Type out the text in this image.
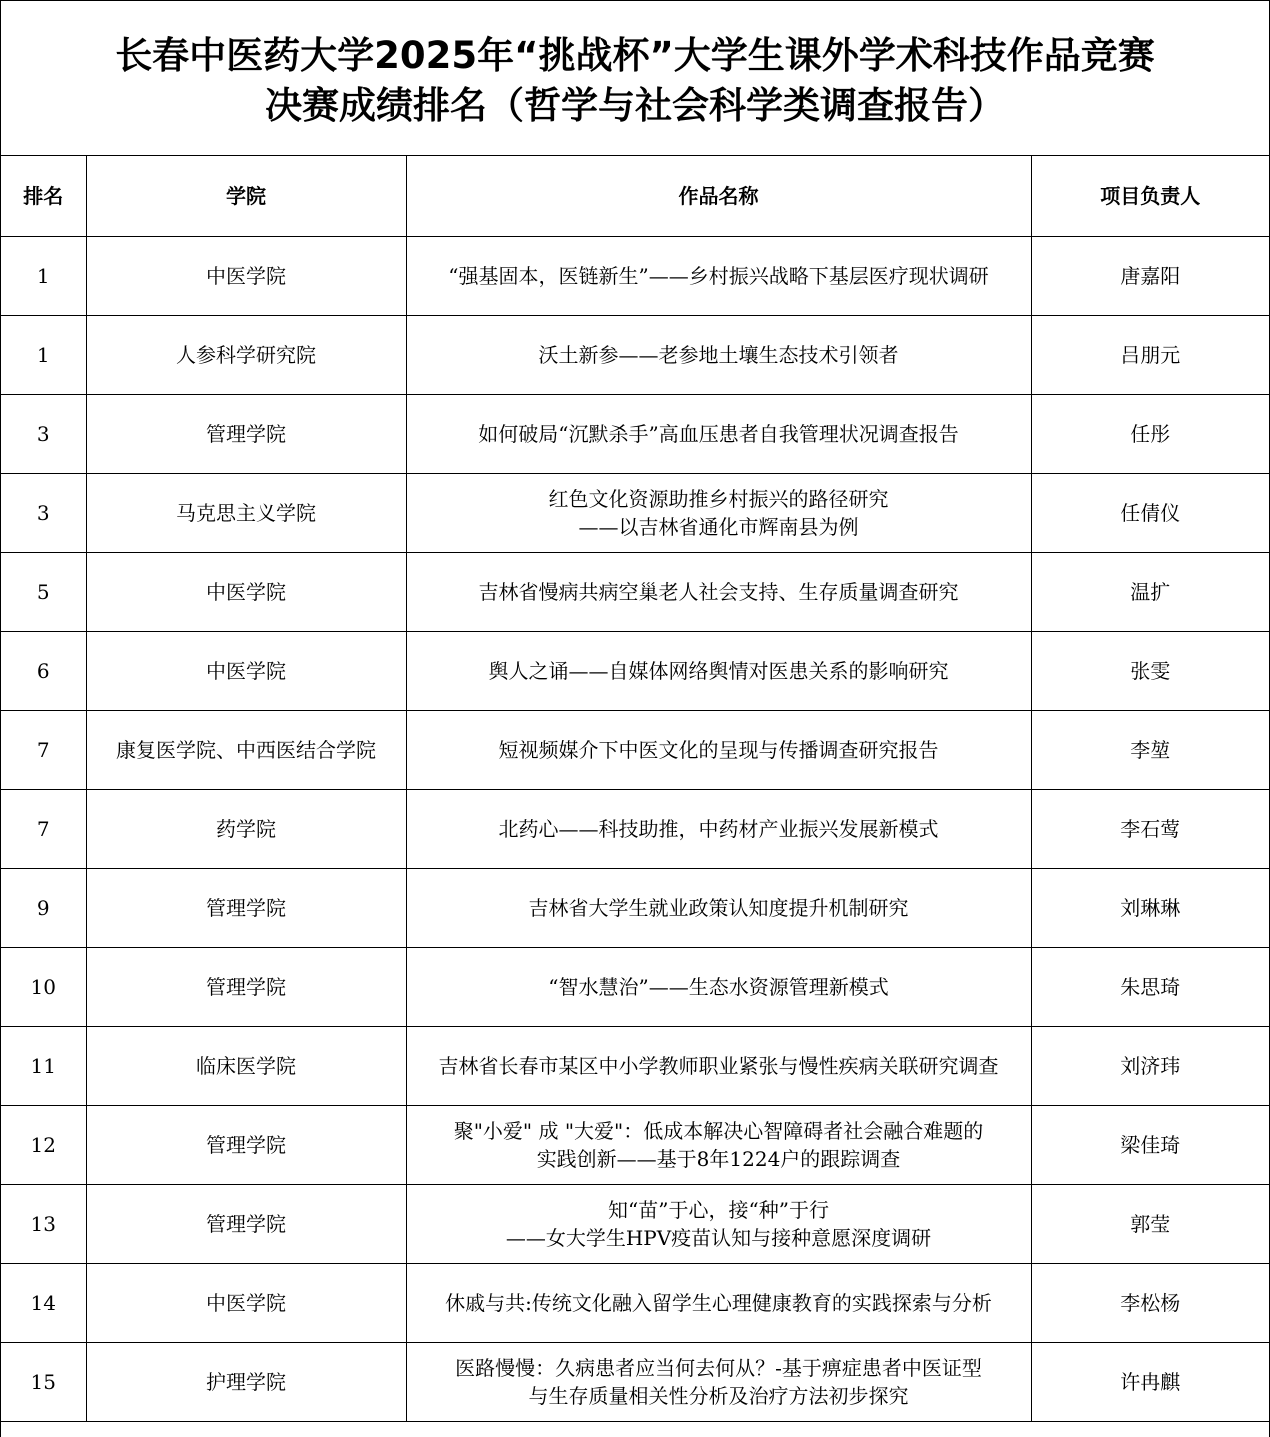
长春中医药大学2025年“挑战杯”大学生课外学术科技作品竞赛
决赛成绩排名（哲学与社会科学类调查报告）
排名	学院	作品名称	项目负责人
1	中医学院	“强基固本，医链新生”——乡村振兴战略下基层医疗现状调研	唐嘉阳
1	人参科学研究院	沃土新参——老参地土壤生态技术引领者	吕朋元
3	管理学院	如何破局“沉默杀手”高血压患者自我管理状况调查报告	任彤
3	马克思主义学院	红色文化资源助推乡村振兴的路径研究
——以吉林省通化市辉南县为例	任倩仪
5	中医学院	吉林省慢病共病空巢老人社会支持、生存质量调查研究	温扩
6	中医学院	舆人之诵——自媒体网络舆情对医患关系的影响研究	张雯
7	康复医学院、中西医结合学院	短视频媒介下中医文化的呈现与传播调查研究报告	李堃
7	药学院	北药心——科技助推，中药材产业振兴发展新模式	李石莺
9	管理学院	吉林省大学生就业政策认知度提升机制研究	刘琳琳
10	管理学院	“智水慧治”——生态水资源管理新模式	朱思琦
11	临床医学院	吉林省长春市某区中小学教师职业紧张与慢性疾病关联研究调查	刘济玮
12	管理学院	聚"小爱" 成 "大爱"：低成本解决心智障碍者社会融合难题的
实践创新——基于8年1224户的跟踪调查	梁佳琦
13	管理学院	知“苗”于心，接“种”于行
——女大学生HPV疫苗认知与接种意愿深度调研	郭莹
14	中医学院	休戚与共:传统文化融入留学生心理健康教育的实践探索与分析	李松杨
15	护理学院	医路慢慢：久病患者应当何去何从？-基于痹症患者中医证型
与生存质量相关性分析及治疗方法初步探究	许冉麒
